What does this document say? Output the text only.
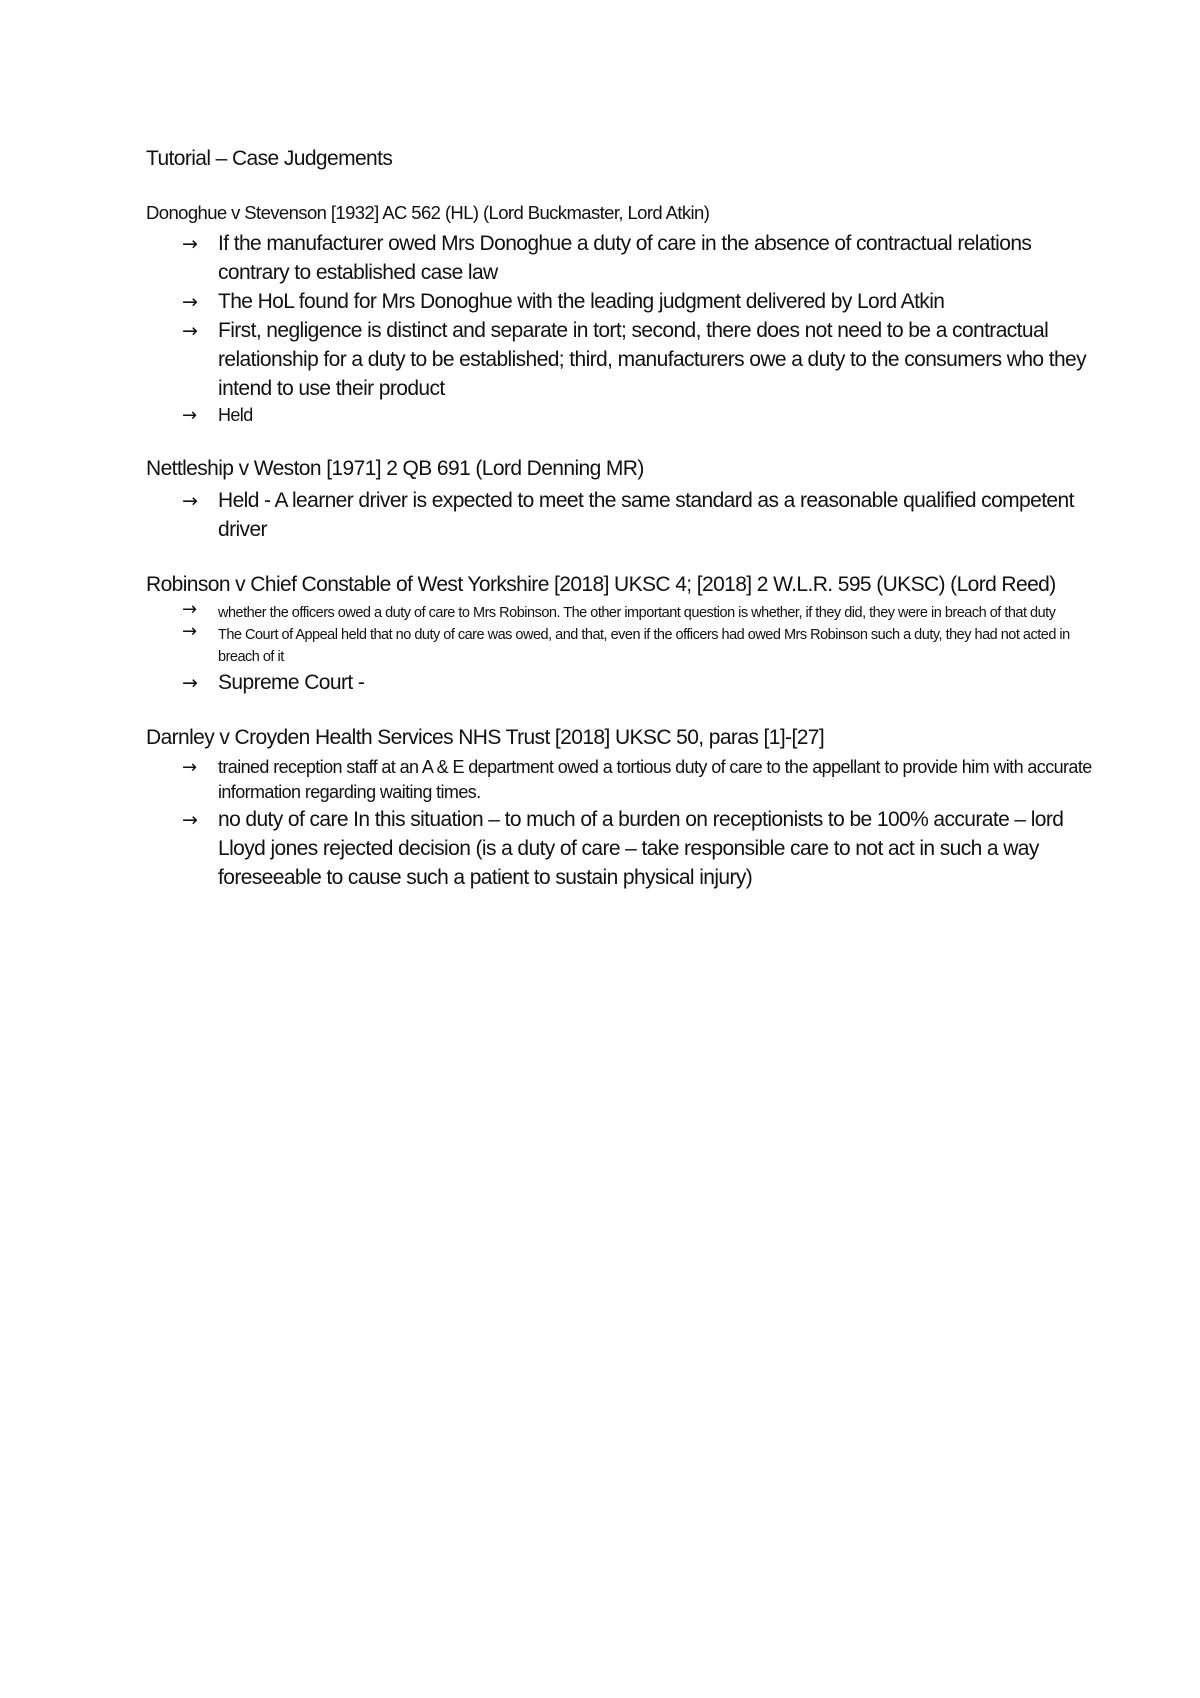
Tutorial – Case Judgements
Donoghue v Stevenson [1932] AC 562 (HL) (Lord Buckmaster, Lord Atkin)
→ If the manufacturer owed Mrs Donoghue a duty of care in the absence of contractual relations contrary to established case law
→ The HoL found for Mrs Donoghue with the leading judgment delivered by Lord Atkin
→ First, negligence is distinct and separate in tort; second, there does not need to be a contractual relationship for a duty to be established; third, manufacturers owe a duty to the consumers who they intend to use their product
→ Held
Nettleship v Weston [1971] 2 QB 691 (Lord Denning MR)
→ Held - A learner driver is expected to meet the same standard as a reasonable qualified competent driver
Robinson v Chief Constable of West Yorkshire [2018] UKSC 4; [2018] 2 W.L.R. 595 (UKSC) (Lord Reed)
→ whether the officers owed a duty of care to Mrs Robinson. The other important question is whether, if they did, they were in breach of that duty
→ The Court of Appeal held that no duty of care was owed, and that, even if the officers had owed Mrs Robinson such a duty, they had not acted in breach of it
→ Supreme Court -
Darnley v Croyden Health Services NHS Trust [2018] UKSC 50, paras [1]-[27]
→ trained reception staff at an A & E department owed a tortious duty of care to the appellant to provide him with accurate information regarding waiting times.
→ no duty of care In this situation – to much of a burden on receptionists to be 100% accurate – lord Lloyd jones rejected decision (is a duty of care – take responsible care to not act in such a way foreseeable to cause such a patient to sustain physical injury)
